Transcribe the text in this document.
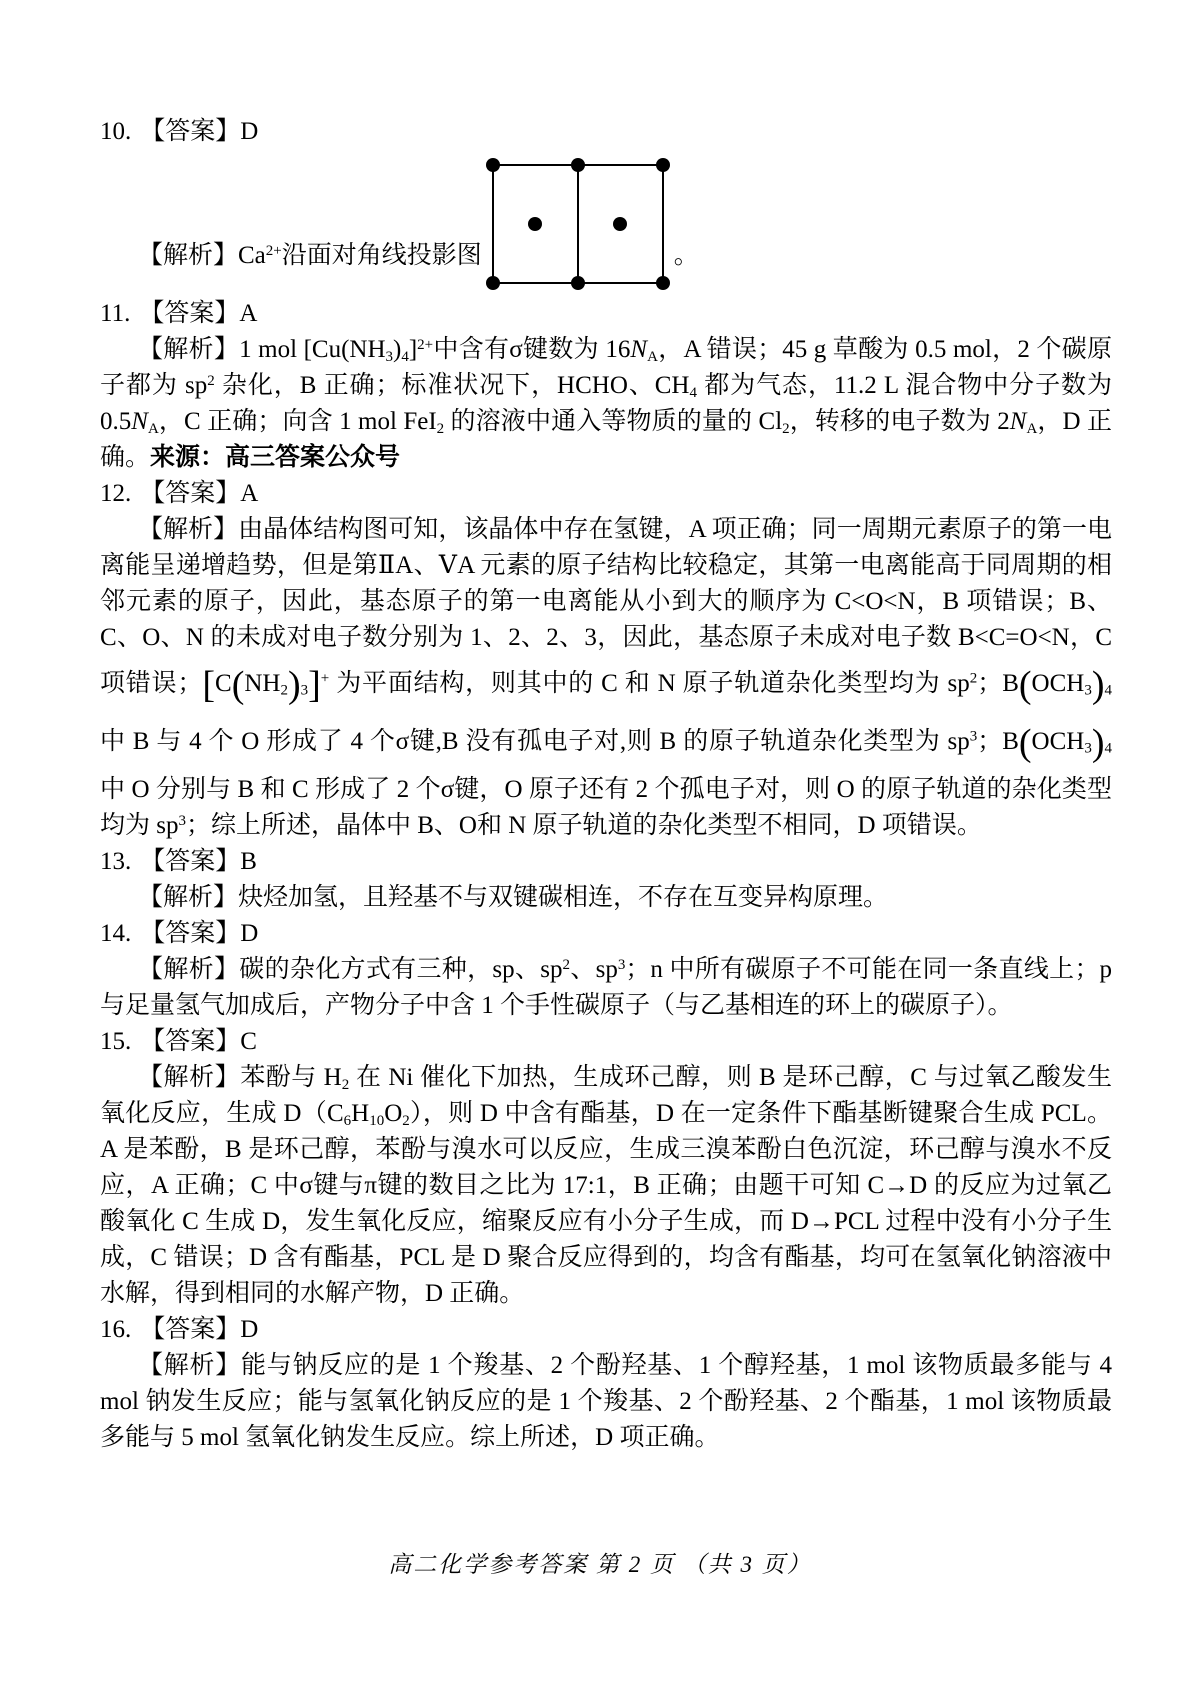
10. 【答案】D
【解析】$Ca^{2+}$沿面对角线投影图	。
11. 【答案】A

【解析】1 mol $[Cu(NH3)4]^{2+}$中含有σ键数为 16NA，A 错误；45 g 草酸为 0.5 mol，2 个碳原子都为 $sp^2$ 杂化，B 正确；标准状况下，HCHO、CH4 都为气态，11.2 L 混合物中分子数为 0.5NA，C 正确；向含 1 mol FeI2 的溶液中通入等物质的量的 Cl2，转移的电子数为 2NA，D 正确。来源：高三答案公众号

12. 【答案】A

【解析】由晶体结构图可知，该晶体中存在氢键，A 项正确；同一周期元素原子的第一电离能呈递增趋势，但是第ⅡA、ⅤA 元素的原子结构比较稳定，其第一电离能高于同周期的相邻元素的原子，因此，基态原子的第一电离能从小到大的顺序为 C<O<N，B 项错误；B、C、O、N 的未成对电子数分别为 1、2、2、3，因此，基态原子未成对电子数 B<C=O<N，C 项错误；[C(NH2)3]+ 为平面结构，则其中的 C 和 N 原子轨道杂化类型均为 $sp^2$；B(OCH3)4 中 B 与 4 个 O 形成了 4 个σ键,B 没有孤电子对,则 B 的原子轨道杂化类型为 $sp^3$；B(OCH3)4 中 O 分别与 B 和 C 形成了 2 个σ键，O 原子还有 2 个孤电子对，则 O 的原子轨道的杂化类型均为 $sp^3$；综上所述，晶体中 B、O和 N 原子轨道的杂化类型不相同，D 项错误。

13. 【答案】B

【解析】炔烃加氢，且羟基不与双键碳相连，不存在互变异构原理。

14. 【答案】D

【解析】碳的杂化方式有三种，sp、$sp^2$、$sp^3$；n 中所有碳原子不可能在同一条直线上；p 与足量氢气加成后，产物分子中含 1 个手性碳原子（与乙基相连的环上的碳原子）。

15. 【答案】C

【解析】苯酚与 H2 在 Ni 催化下加热，生成环己醇，则 B 是环己醇，C 与过氧乙酸发生氧化反应，生成 D（C6H10O2），则 D 中含有酯基，D 在一定条件下酯基断键聚合生成 PCL。A 是苯酚，B 是环己醇，苯酚与溴水可以反应，生成三溴苯酚白色沉淀，环己醇与溴水不反应，A 正确；C 中σ键与π键的数目之比为 17:1，B 正确；由题干可知 C→D 的反应为过氧乙酸氧化 C 生成 D，发生氧化反应，缩聚反应有小分子生成，而 D→PCL 过程中没有小分子生成，C 错误；D 含有酯基，PCL 是 D 聚合反应得到的，均含有酯基，均可在氢氧化钠溶液中水解，得到相同的水解产物，D 正确。

16. 【答案】D

【解析】能与钠反应的是 1 个羧基、2 个酚羟基、1 个醇羟基，1 mol 该物质最多能与 4 mol 钠发生反应；能与氢氧化钠反应的是 1 个羧基、2 个酚羟基、2 个酯基，1 mol 该物质最多能与 5 mol 氢氧化钠发生反应。综上所述，D 项正确。

高二化学参考答案 第 2 页 （共 3 页）
